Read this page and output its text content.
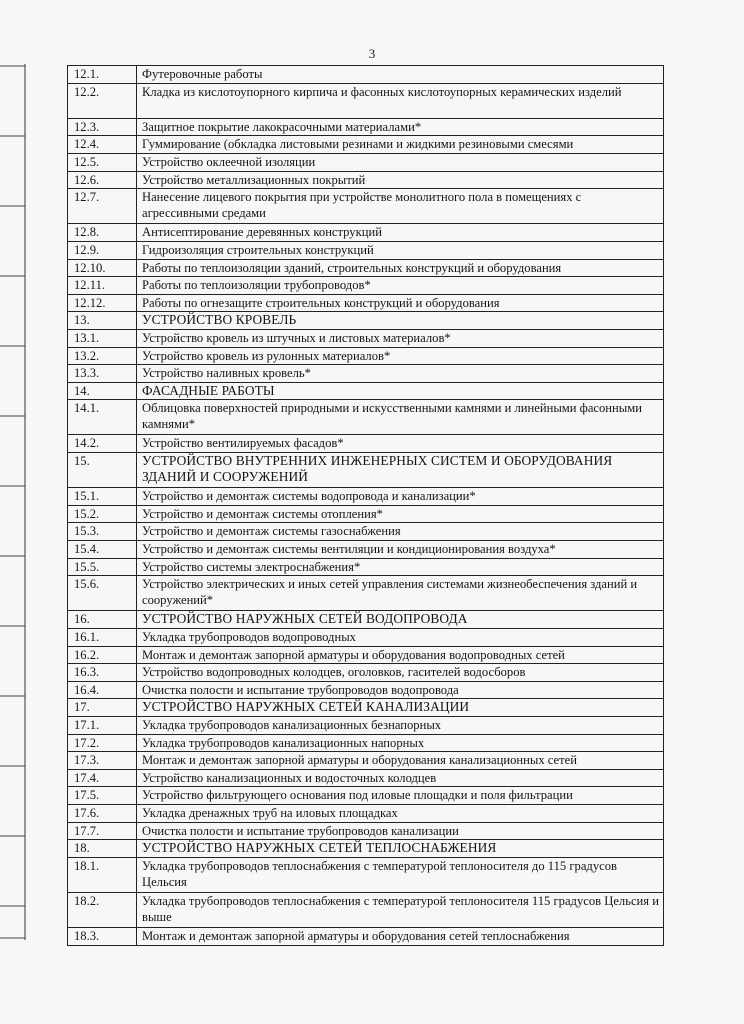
3
12.1.	Футеровочные работы
12.2.	Кладка из кислотоупорного кирпича и фасонных кислотоупорных керамических изделий
12.3.	Защитное покрытие лакокрасочными материалами*
12.4.	Гуммирование (обкладка листовыми резинами и жидкими резиновыми смесями
12.5.	Устройство оклеечной изоляции
12.6.	Устройство металлизационных покрытий
12.7.	Нанесение лицевого покрытия при устройстве монолитного пола в помещениях с агрессивными средами
12.8.	Антисептирование деревянных конструкций
12.9.	Гидроизоляция строительных конструкций
12.10.	Работы по теплоизоляции зданий, строительных конструкций и оборудования
12.11.	Работы по теплоизоляции трубопроводов*
12.12.	Работы по огнезащите строительных конструкций и оборудования
13.	УСТРОЙСТВО КРОВЕЛЬ
13.1.	Устройство кровель из штучных и листовых материалов*
13.2.	Устройство кровель из рулонных материалов*
13.3.	Устройство наливных кровель*
14.	ФАСАДНЫЕ РАБОТЫ
14.1.	Облицовка поверхностей природными и искусственными камнями и линейными фасонными камнями*
14.2.	Устройство вентилируемых фасадов*
15.	УСТРОЙСТВО ВНУТРЕННИХ ИНЖЕНЕРНЫХ СИСТЕМ И ОБОРУДОВАНИЯ ЗДАНИЙ И СООРУЖЕНИЙ
15.1.	Устройство и демонтаж системы водопровода и канализации*
15.2.	Устройство и демонтаж системы отопления*
15.3.	Устройство и демонтаж системы газоснабжения
15.4.	Устройство и демонтаж системы вентиляции и кондиционирования воздуха*
15.5.	Устройство системы электроснабжения*
15.6.	Устройство электрических и иных сетей управления системами жизнеобеспечения зданий и сооружений*
16.	УСТРОЙСТВО НАРУЖНЫХ СЕТЕЙ ВОДОПРОВОДА
16.1.	Укладка трубопроводов водопроводных
16.2.	Монтаж и демонтаж запорной арматуры и оборудования водопроводных сетей
16.3.	Устройство водопроводных колодцев, оголовков, гасителей водосборов
16.4.	Очистка полости и испытание трубопроводов водопровода
17.	УСТРОЙСТВО НАРУЖНЫХ СЕТЕЙ КАНАЛИЗАЦИИ
17.1.	Укладка трубопроводов канализационных безнапорных
17.2.	Укладка трубопроводов канализационных напорных
17.3.	Монтаж и демонтаж запорной арматуры и оборудования канализационных сетей
17.4.	Устройство канализационных и водосточных колодцев
17.5.	Устройство фильтрующего основания под иловые площадки и поля фильтрации
17.6.	Укладка дренажных труб на иловых площадках
17.7.	Очистка полости и испытание трубопроводов канализации
18.	УСТРОЙСТВО НАРУЖНЫХ СЕТЕЙ ТЕПЛОСНАБЖЕНИЯ
18.1.	Укладка трубопроводов теплоснабжения с температурой теплоносителя до 115 градусов Цельсия
18.2.	Укладка трубопроводов теплоснабжения с температурой теплоносителя 115 градусов Цельсия и выше
18.3.	Монтаж и демонтаж запорной арматуры и оборудования сетей теплоснабжения
